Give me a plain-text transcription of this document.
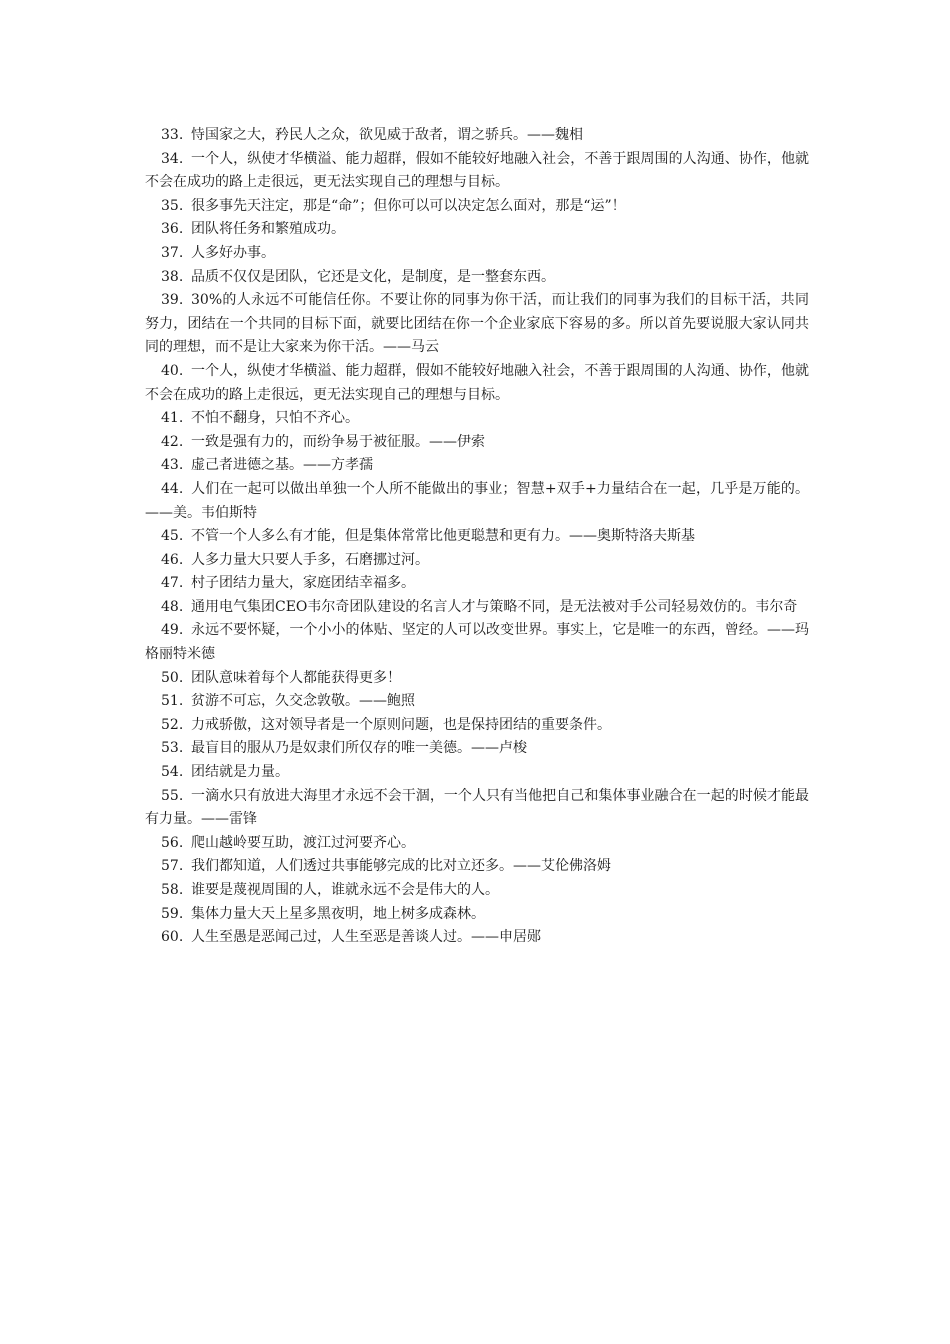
33. 恃国家之大，矜民人之众，欲见威于敌者，谓之骄兵。——魏相

34. 一个人，纵使才华横溢、能力超群，假如不能较好地融入社会，不善于跟周围的人沟通、协作，他就不会在成功的路上走很远，更无法实现自己的理想与目标。

35. 很多事先天注定，那是“命”；但你可以可以决定怎么面对，那是“运”！

36. 团队将任务和繁殖成功。

37. 人多好办事。

38. 品质不仅仅是团队，它还是文化，是制度，是一整套东西。

39. 30%的人永远不可能信任你。不要让你的同事为你干活，而让我们的同事为我们的目标干活，共同努力，团结在一个共同的目标下面，就要比团结在你一个企业家底下容易的多。所以首先要说服大家认同共同的理想，而不是让大家来为你干活。——马云

40. 一个人，纵使才华横溢、能力超群，假如不能较好地融入社会，不善于跟周围的人沟通、协作，他就不会在成功的路上走很远，更无法实现自己的理想与目标。

41. 不怕不翻身，只怕不齐心。

42. 一致是强有力的，而纷争易于被征服。——伊索

43. 虚己者进德之基。——方孝孺

44. 人们在一起可以做出单独一个人所不能做出的事业；智慧+双手+力量结合在一起，几乎是万能的。——美。韦伯斯特

45. 不管一个人多么有才能，但是集体常常比他更聪慧和更有力。——奥斯特洛夫斯基

46. 人多力量大只要人手多，石磨挪过河。

47. 村子团结力量大，家庭团结幸福多。

48. 通用电气集团CEO韦尔奇团队建设的名言人才与策略不同，是无法被对手公司轻易效仿的。韦尔奇

49. 永远不要怀疑，一个小小的体贴、坚定的人可以改变世界。事实上，它是唯一的东西，曾经。——玛格丽特米德

50. 团队意味着每个人都能获得更多！

51. 贫游不可忘，久交念敦敬。——鲍照

52. 力戒骄傲，这对领导者是一个原则问题，也是保持团结的重要条件。

53. 最盲目的服从乃是奴隶们所仅存的唯一美德。——卢梭

54. 团结就是力量。

55. 一滴水只有放进大海里才永远不会干涸，一个人只有当他把自己和集体事业融合在一起的时候才能最有力量。——雷锋

56. 爬山越岭要互助，渡江过河要齐心。

57. 我们都知道，人们透过共事能够完成的比对立还多。——艾伦佛洛姆

58. 谁要是蔑视周围的人，谁就永远不会是伟大的人。

59. 集体力量大天上星多黑夜明，地上树多成森林。

60. 人生至愚是恶闻己过，人生至恶是善谈人过。——申居郧
